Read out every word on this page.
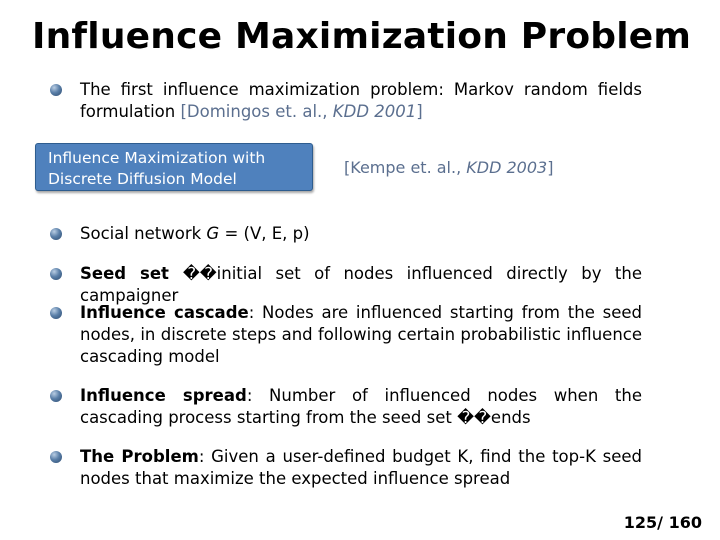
Influence Maximization Problem
The first influence maximization problem: Markov random fields formulation [Domingos et. al., KDD 2001]
Influence Maximization with
Discrete Diffusion Model
[Kempe et. al., KDD 2003]
Social network G = (V, E, p)
Seed set ��initial set of nodes influenced directly by the campaigner
Influence cascade: Nodes are influenced starting from the seed nodes, in discrete steps and following certain probabilistic influence cascading model
Influence spread: Number of influenced nodes when the cascading process starting from the seed set ��ends
The Problem: Given a user-defined budget K, find the top-K seed nodes that maximize the expected influence spread
125/ 160
